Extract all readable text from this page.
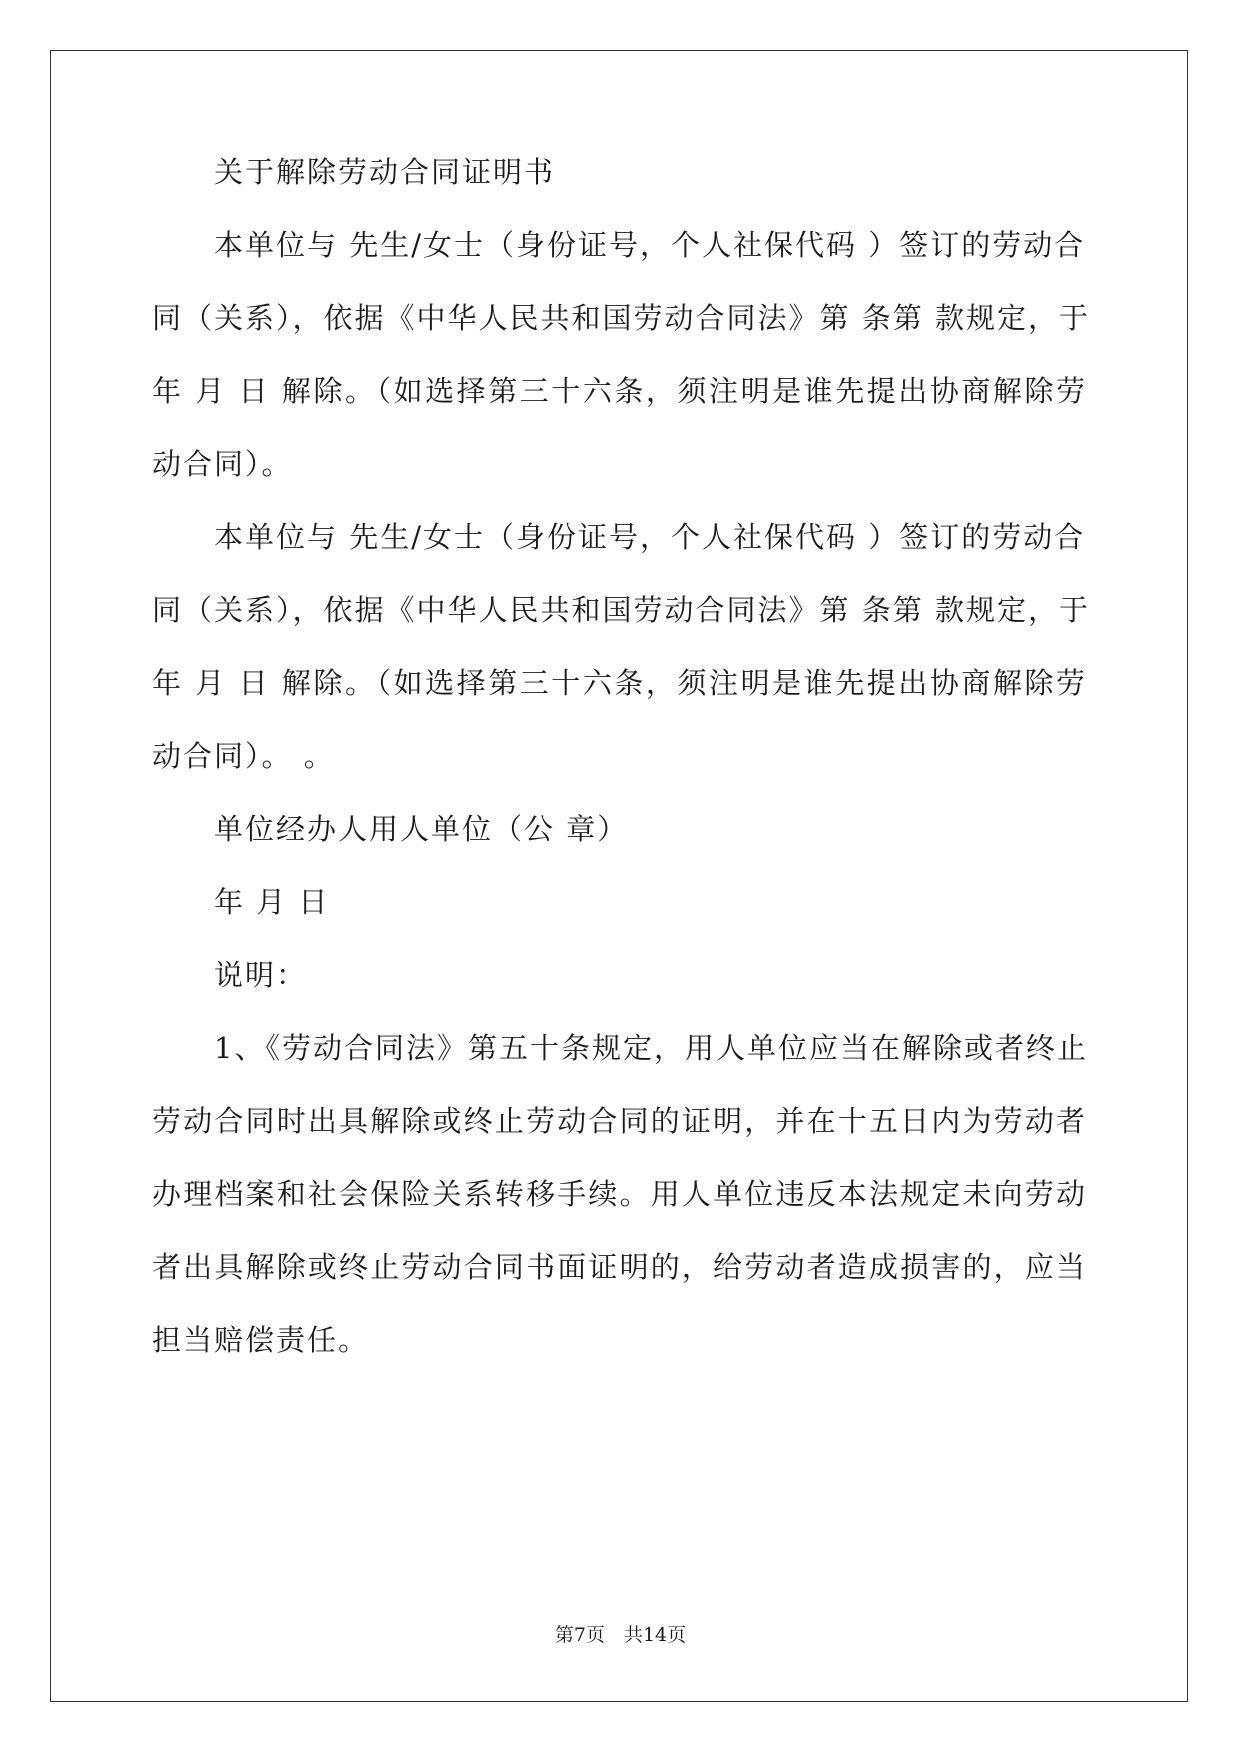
关于解除劳动合同证明书
本单位与 先生/女士（身份证号，个人社保代码 ）签订的劳动合
同（关系），依据《中华人民共和国劳动合同法》第 条第 款规定，于
年 月 日 解除。（如选择第三十六条，须注明是谁先提出协商解除劳
动合同）。
本单位与 先生/女士（身份证号，个人社保代码 ）签订的劳动合
同（关系），依据《中华人民共和国劳动合同法》第 条第 款规定，于
年 月 日 解除。（如选择第三十六条，须注明是谁先提出协商解除劳
动合同）。 。
单位经办人用人单位（公 章）
年 月 日
说明：
1、《劳动合同法》第五十条规定，用人单位应当在解除或者终止
劳动合同时出具解除或终止劳动合同的证明，并在十五日内为劳动者
办理档案和社会保险关系转移手续。用人单位违反本法规定未向劳动
者出具解除或终止劳动合同书面证明的，给劳动者造成损害的，应当
担当赔偿责任。
第7页　共14页
